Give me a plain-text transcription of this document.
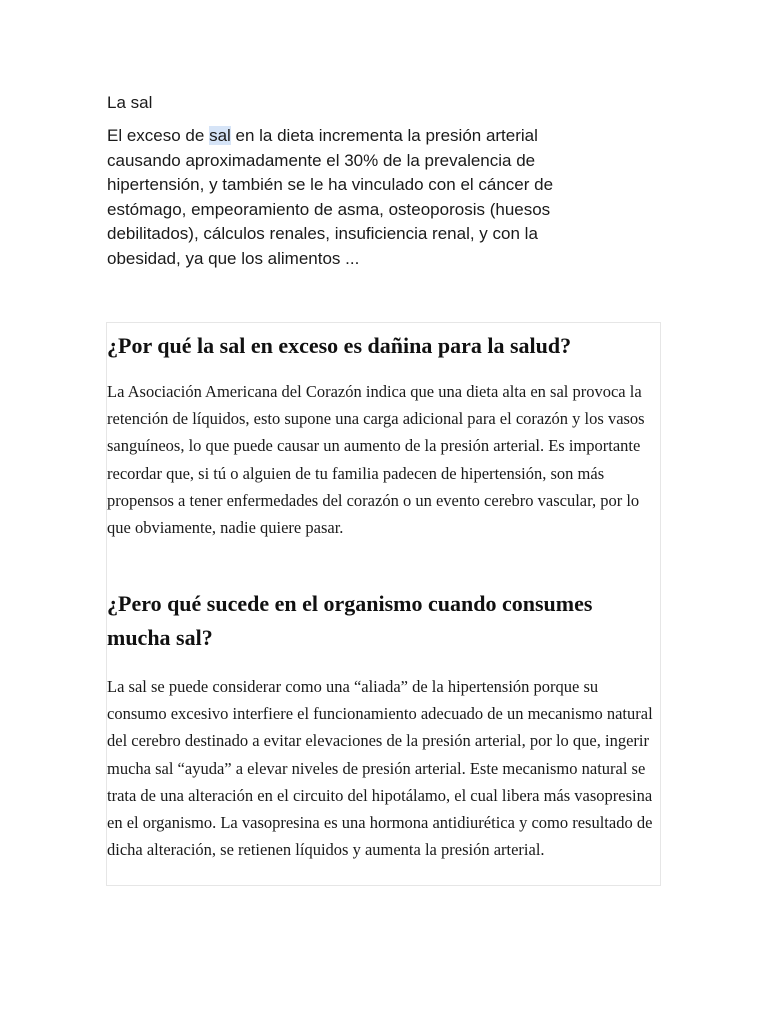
La sal

El exceso de sal en la dieta incrementa la presión arterial causando aproximadamente el 30% de la prevalencia de hipertensión, y también se le ha vinculado con el cáncer de estómago, empeoramiento de asma, osteoporosis (huesos debilitados), cálculos renales, insuficiencia renal, y con la obesidad, ya que los alimentos ...

¿Por qué la sal en exceso es dañina para la salud?

La Asociación Americana del Corazón indica que una dieta alta en sal provoca la retención de líquidos, esto supone una carga adicional para el corazón y los vasos sanguíneos, lo que puede causar un aumento de la presión arterial. Es importante recordar que, si tú o alguien de tu familia padecen de hipertensión, son más propensos a tener enfermedades del corazón o un evento cerebro vascular, por lo que obviamente, nadie quiere pasar.

¿Pero qué sucede en el organismo cuando consumes mucha sal?

La sal se puede considerar como una “aliada” de la hipertensión porque su consumo excesivo interfiere el funcionamiento adecuado de un mecanismo natural del cerebro destinado a evitar elevaciones de la presión arterial, por lo que, ingerir mucha sal “ayuda” a elevar niveles de presión arterial. Este mecanismo natural se trata de una alteración en el circuito del hipotálamo, el cual libera más vasopresina en el organismo. La vasopresina es una hormona antidiurética y como resultado de dicha alteración, se retienen líquidos y aumenta la presión arterial.
